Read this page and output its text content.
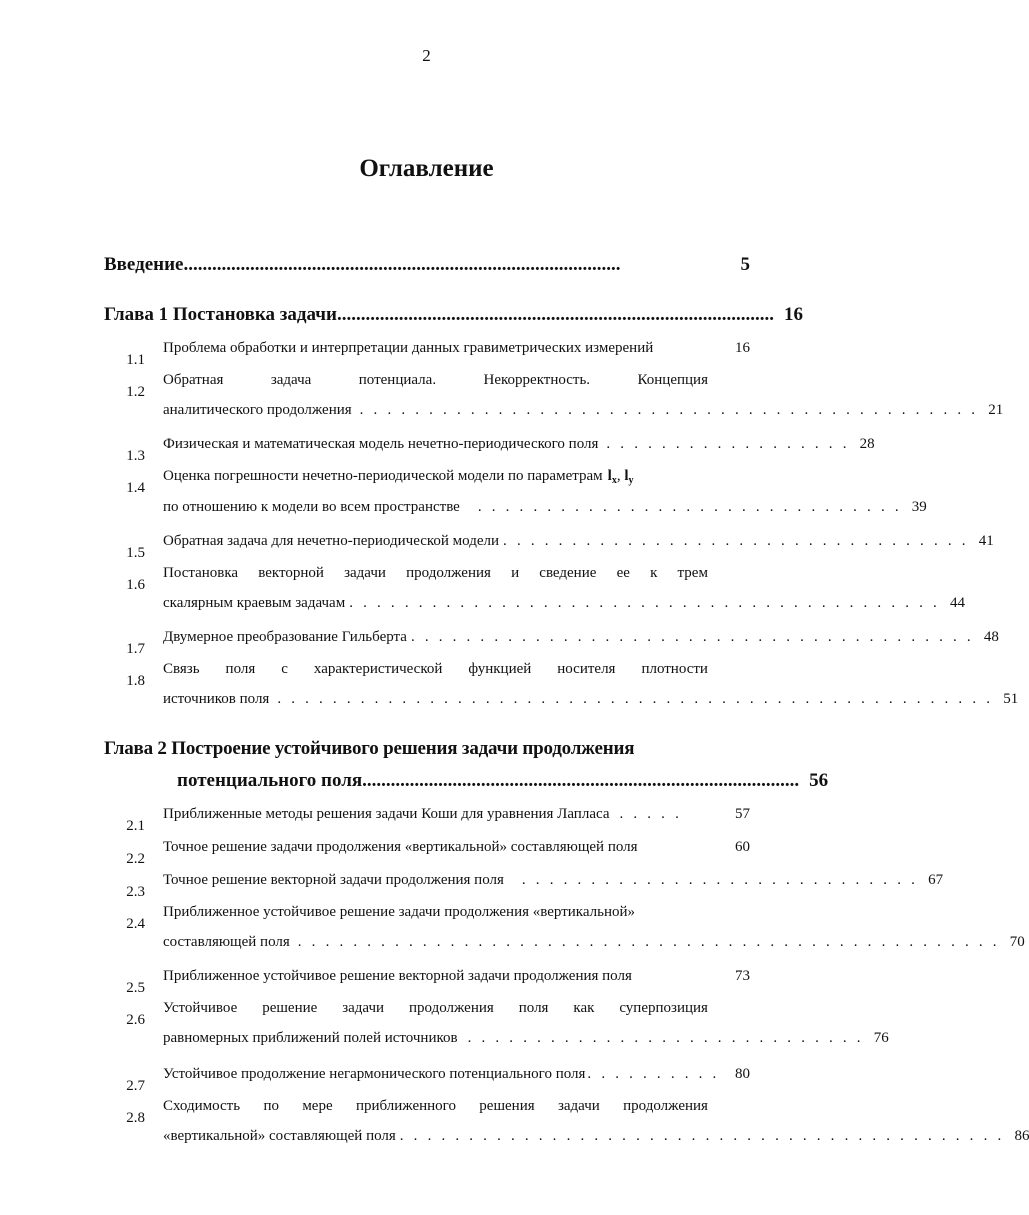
2
Оглавление
Введение ............................................................................................	5
Глава 1 Постановка задачи ............................................................................................ 16
1.1
Проблема обработки и интерпретации данных гравиметрических измерений	16
1.2
Обратная	задача	потенциала.	Некорректность.	Концепция
аналитического продолжения . . . . . . . . . . . . . . . . . . . . . . . . . . . . . . . . . . . . . . . . . . . . . 21
1.3
Физическая и математическая модель нечетно-периодического поля . . . . . . . . . . . . . . . . . . 28
1.4
Оценка погрешности нечетно-периодической модели по параметрам $l_x$, $l_y$
по отношению к модели во всем пространстве	. . . . . . . . . . . . . . . . . . . . . . . . . . . . . . . 39
1.5
Обратная задача для нечетно-периодической модели . . . . . . . . . . . . . . . . . . . . . . . . . . . . . . . . . . 41
1.6
Постановка векторной задачи продолжения и сведение ее к трем
скалярным краевым задачам . . . . . . . . . . . . . . . . . . . . . . . . . . . . . . . . . . . . . . . . . . . 44
1.7
Двумерное преобразование Гильберта . . . . . . . . . . . . . . . . . . . . . . . . . . . . . . . . . . . . . . . . . 48
1.8
Связь поля с характеристической функцией носителя плотности
источников поля . . . . . . . . . . . . . . . . . . . . . . . . . . . . . . . . . . . . . . . . . . . . . . . . . . . . 51
Глава 2 Построение устойчивого решения задачи продолжения
потенциального поля ............................................................................................ 56
2.1
Приближенные методы решения задачи Коши для уравнения Лапласа . . . . .	57
2.2
Точное решение задачи продолжения «вертикальной» составляющей поля	60
2.3
Точное решение векторной задачи продолжения поля	. . . . . . . . . . . . . . . . . . . . . . . . . . . . . 67
2.4
Приближенное устойчивое решение задачи продолжения «вертикальной»
составляющей поля . . . . . . . . . . . . . . . . . . . . . . . . . . . . . . . . . . . . . . . . . . . . . . . . . . . 70
2.5
Приближенное устойчивое решение векторной задачи продолжения поля	73
2.6
Устойчивое решение задачи продолжения поля как суперпозиция
равномерных приближений полей источников . . . . . . . . . . . . . . . . . . . . . . . . . . . . . 76
2.7
Устойчивое продолжение негармонического потенциального поля . . . . . . . . . .	80
2.8
Сходимость по мере приближенного решения задачи продолжения
«вертикальной» составляющей поля . . . . . . . . . . . . . . . . . . . . . . . . . . . . . . . . . . . . . . . . . . . . 86
